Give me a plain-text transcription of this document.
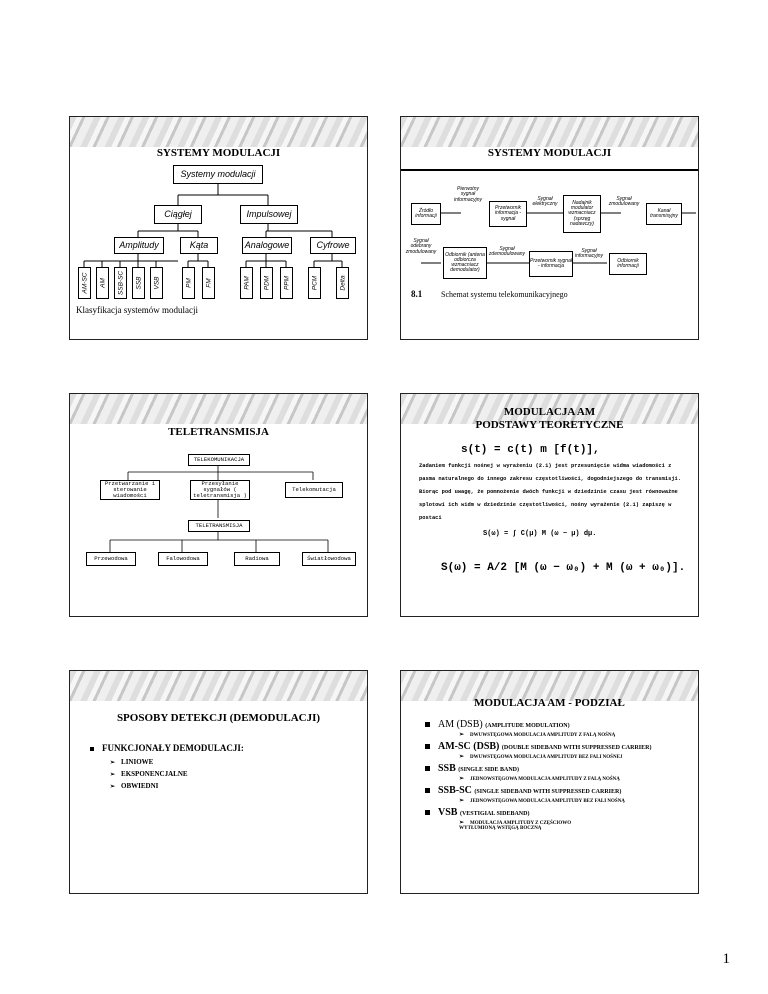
SYSTEMY MODULACJI
Systemy modulacji
Ciągłej	Impulsowej
Amplitudy	Kąta	Analogowe	Cyfrowe
AM-SC AM SSB-SC SSB VSB	PM FM	PAM PDM PPM	PCM	Delta
Klasyfikacja systemów modulacji
SYSTEMY MODULACJI
Źródło informacji
Przetwornik informacja - sygnał
Nadajnik modulator wzmacniacz (sprzęg nadawczy)
Kanał transmisyjny
Pierwotny sygnał informacyjny	Sygnał elektryczny
Sygnał zmodulowany
Odbiornik (antena odbiorcza wzmacniacz demodulator)
Przetwornik sygnał - informacja
Odbiornik informacji
Sygnał odebrany zmodulowany	Sygnał zdemodulowany
Sygnał informacyjny
8.1 Schemat systemu telekomunikacyjnego
TELETRANSMISJA
TELEKOMUNIKACJA
Przetwarzanie i sterowanie wiadomości
Przesyłanie sygnałów ( teletransmisja )
Telekomutacja
TELETRANSMISJA
Przewodowa	Falowodowa	Radiowa	Światłowodowa
MODULACJA AM
PODSTAWY TEORETYCZNE
s(t) = c(t) m [f(t)],
Zadaniem funkcji nośnej w wyrażeniu (2.1) jest przesunięcie widma wiadomości z pasma naturalnego do innego zakresu częstotliwości, dogodniejszego do transmisji. Biorąc pod uwagę, że pomnożenie dwóch funkcji w dziedzinie czasu jest równoważne splotowi ich widm w dziedzinie częstotliwości, nośny wyrażenie (2.1) zapiszę w postaci
S(ω) = ∫ C(μ) M (ω − μ) dμ.
S(ω) = A/2 [M (ω − ω₀) + M (ω + ω₀)].
SPOSOBY DETEKCJI (DEMODULACJI)
FUNKCJONAŁY DEMODULACJI:
➢ LINIOWE
➢ EKSPONENCJALNE
➢ OBWIEDNI
MODULACJA AM - PODZIAŁ
AM (DSB) (AMPLITUDE MODULATION)
➢ DWUWSTĘGOWA MODULACJA AMPLITUDY Z FALĄ NOŚNĄ
AM-SC (DSB) (DOUBLE SIDEBAND WITH SUPPRESSED CARRIER)
➢ DWUWSTĘGOWA MODULACJA AMPLITUDY BEZ FALI NOŚNEJ
SSB (SINGLE SIDE BAND)
➢ JEDNOWSTĘGOWA MODULACJA AMPLITUDY Z FALĄ NOŚNĄ
SSB-SC (SINGLE SIDEBAND WITH SUPPRESSED CARRIER)
➢ JEDNOWSTĘGOWA MODULACJA AMPLITUDY BEZ FALI NOŚNĄ
VSB (VESTIGIAL SIDEBAND)
➢ MODULACJA AMPLITUDY Z CZĘŚCIOWO WYTŁUMIONĄ WSTĘGĄ BOCZNĄ
1
